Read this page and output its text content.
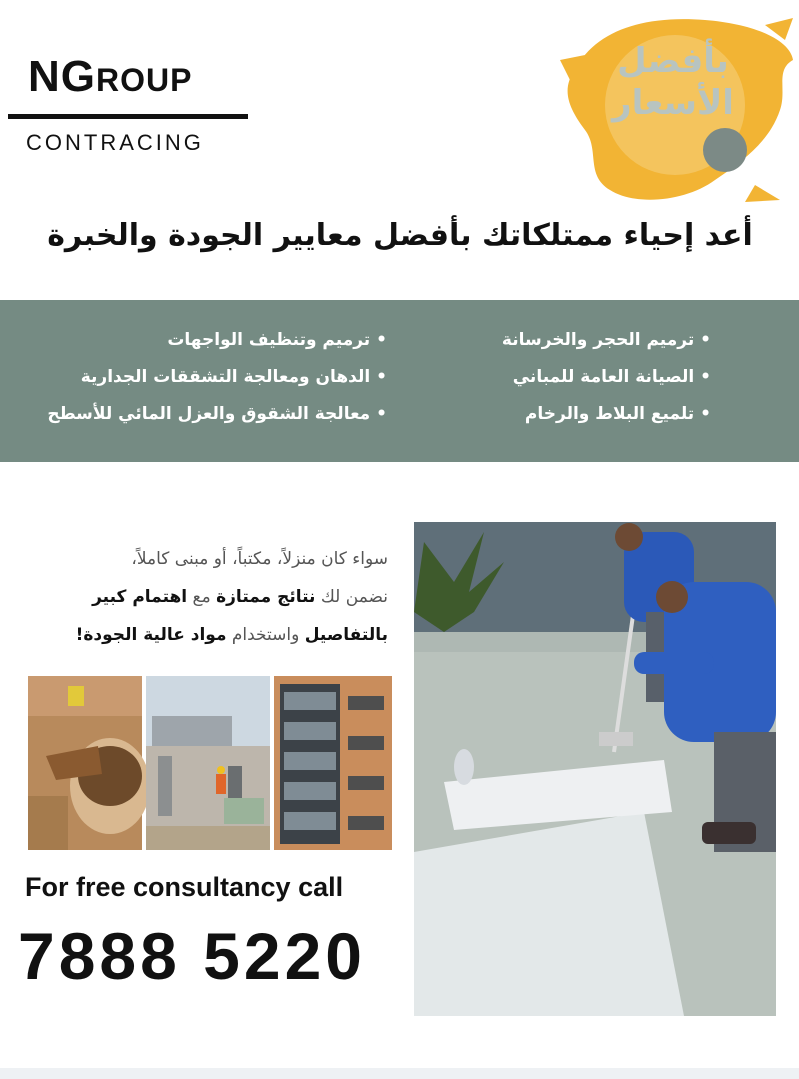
NGROUP
CONTRACING
بأفضل
الأسعار
أعد إحياء ممتلكاتك بأفضل معايير الجودة والخبرة
• ترميم الحجر والخرسانة
• الصيانة العامة للمباني
• تلميع البلاط والرخام
• ترميم وتنظيف الواجهات
• الدهان ومعالجة التشققات الجدارية
• معالجة الشقوق والعزل المائي للأسطح
سواء كان منزلاً، مكتباً، أو مبنى كاملاً،
نضمن لك نتائج ممتازة مع اهتمام كبير
بالتفاصيل واستخدام مواد عالية الجودة!
For free consultancy call
7888 5220
